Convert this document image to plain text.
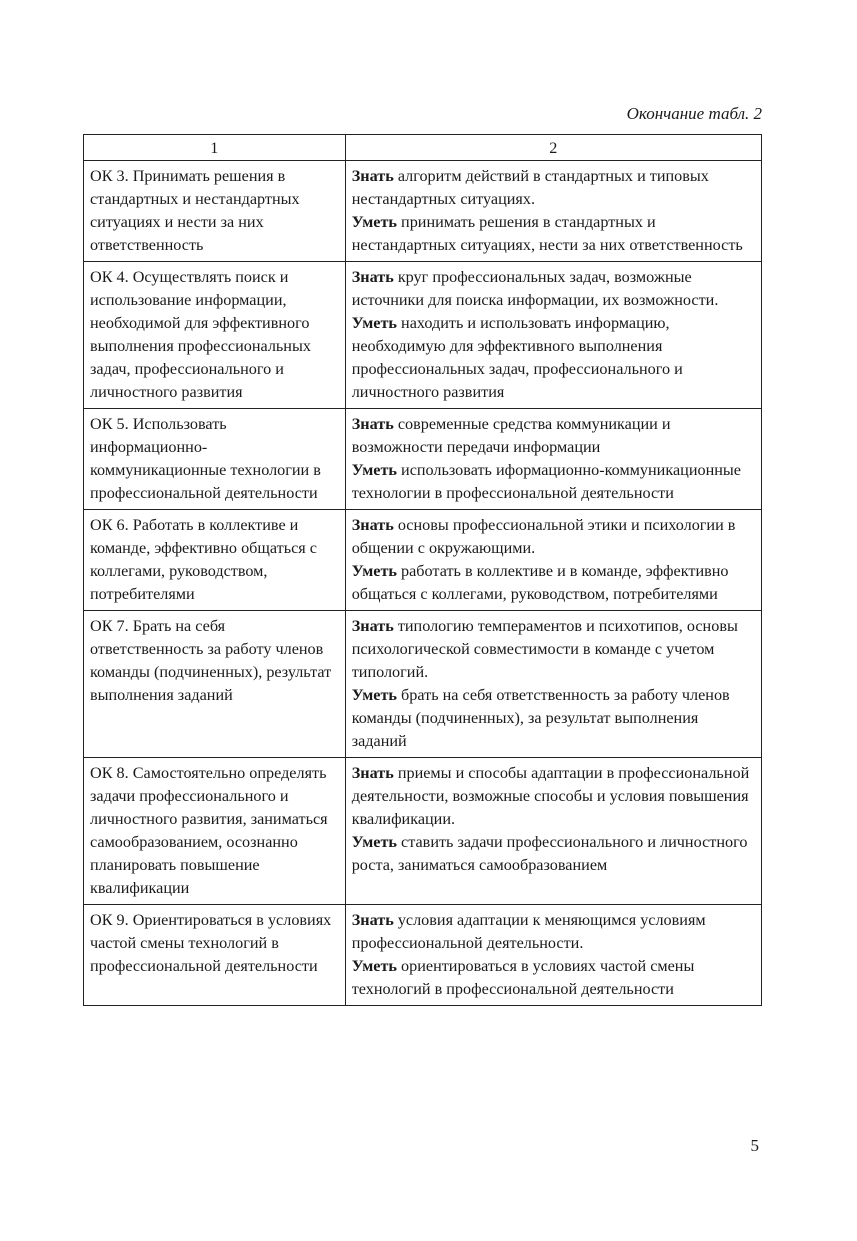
Окончание табл. 2
1	2
ОК 3. Принимать решения в стандартных и нестандартных ситуациях и нести за них ответственность	Знать алгоритм действий в стандартных и типовых нестандартных ситуациях.
Уметь принимать решения в стандартных и нестандартных ситуациях, нести за них ответственность

ОК 4. Осуществлять поиск и использование информации, необходимой для эффективного выполнения профессиональных задач, профессионального и личностного развития	Знать круг профессиональных задач, возможные источники для поиска информации, их возможности.
Уметь находить и использовать информацию, необходимую для эффективного выполнения профессиональных задач, профессионального и личностного развития

ОК 5. Использовать информационно-коммуникационные технологии в профессиональной деятельности	Знать современные средства коммуникации и возможности передачи информации
Уметь использовать иформационно-коммуникационные технологии в профессиональной деятельности

ОК 6. Работать в коллективе и команде, эффективно общаться с коллегами, руководством, потребителями	Знать основы профессиональной этики и психологии в общении с окружающими.
Уметь работать в коллективе и в команде, эффективно общаться с коллегами, руководством, потребителями

ОК 7. Брать на себя ответственность за работу членов команды (подчиненных), результат выполнения заданий	Знать типологию темпераментов и психотипов, основы психологической совместимости в команде с учетом типологий.
Уметь брать на себя ответственность за работу членов команды (подчиненных), за результат выполнения заданий

ОК 8. Самостоятельно определять задачи профессионального и личностного развития, заниматься самообразованием, осознанно планировать повышение квалификации	Знать приемы и способы адаптации в профессиональной деятельности, возможные способы и условия повышения квалификации.
Уметь ставить задачи профессионального и личностного роста, заниматься самообразованием

ОК 9. Ориентироваться в условиях частой смены технологий в профессиональной деятельности	Знать условия адаптации к меняющимся условиям профессиональной деятельности.
Уметь ориентироваться в условиях частой смены технологий в профессиональной деятельности
5
